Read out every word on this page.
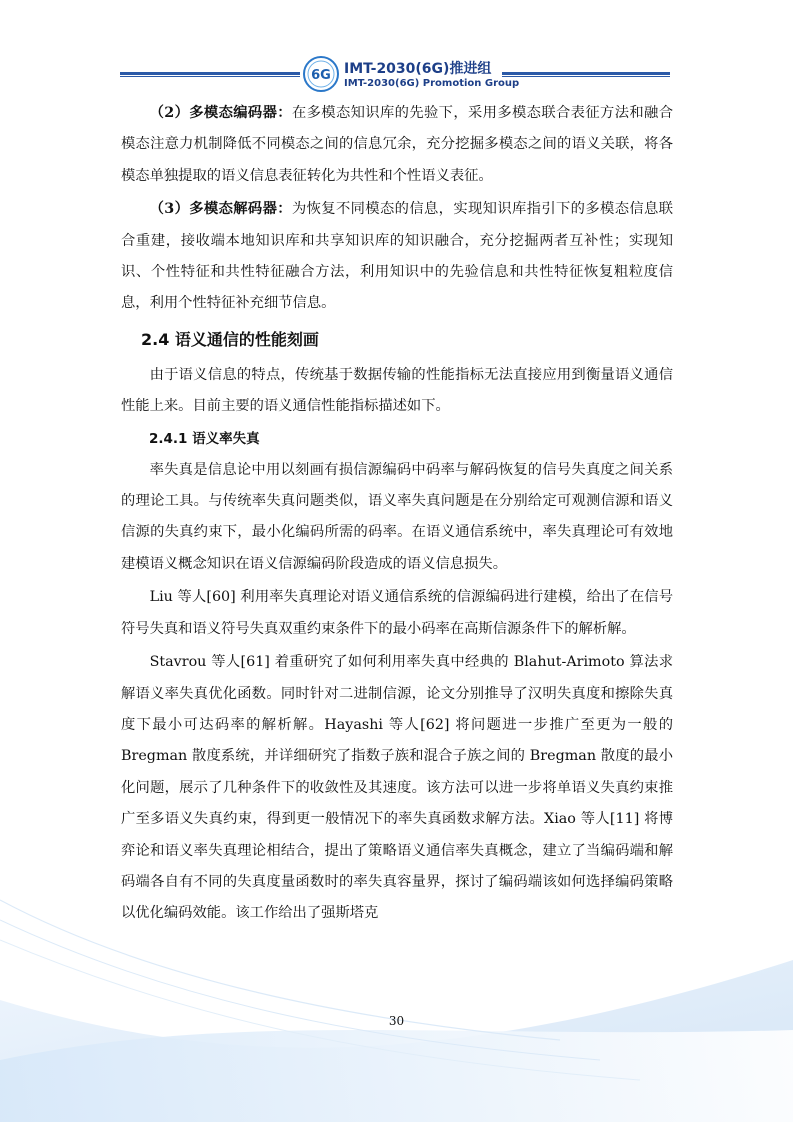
6G IMT-2030(6G)推进组
IMT-2030(6G) Promotion Group

（2）多模态编码器：在多模态知识库的先验下，采用多模态联合表征方法和融合模态注意力机制降低不同模态之间的信息冗余，充分挖掘多模态之间的语义关联，将各模态单独提取的语义信息表征转化为共性和个性语义表征。

（3）多模态解码器：为恢复不同模态的信息，实现知识库指引下的多模态信息联合重建，接收端本地知识库和共享知识库的知识融合，充分挖掘两者互补性；实现知识、个性特征和共性特征融合方法，利用知识中的先验信息和共性特征恢复粗粒度信息，利用个性特征补充细节信息。

2.4 语义通信的性能刻画

由于语义信息的特点，传统基于数据传输的性能指标无法直接应用到衡量语义通信性能上来。目前主要的语义通信性能指标描述如下。

2.4.1 语义率失真

率失真是信息论中用以刻画有损信源编码中码率与解码恢复的信号失真度之间关系的理论工具。与传统率失真问题类似，语义率失真问题是在分别给定可观测信源和语义信源的失真约束下，最小化编码所需的码率。在语义通信系统中，率失真理论可有效地建模语义概念知识在语义信源编码阶段造成的语义信息损失。

Liu 等人[60] 利用率失真理论对语义通信系统的信源编码进行建模，给出了在信号符号失真和语义符号失真双重约束条件下的最小码率在高斯信源条件下的解析解。

Stavrou 等人[61] 着重研究了如何利用率失真中经典的 Blahut-Arimoto 算法求解语义率失真优化函数。同时针对二进制信源，论文分别推导了汉明失真度和擦除失真度下最小可达码率的解析解。Hayashi 等人[62] 将问题进一步推广至更为一般的 Bregman 散度系统，并详细研究了指数子族和混合子族之间的 Bregman 散度的最小化问题，展示了几种条件下的收敛性及其速度。该方法可以进一步将单语义失真约束推广至多语义失真约束，得到更一般情况下的率失真函数求解方法。Xiao 等人[11] 将博弈论和语义率失真理论相结合，提出了策略语义通信率失真概念，建立了当编码端和解码端各自有不同的失真度量函数时的率失真容量界，探讨了编码端该如何选择编码策略以优化编码效能。该工作给出了强斯塔克

30
